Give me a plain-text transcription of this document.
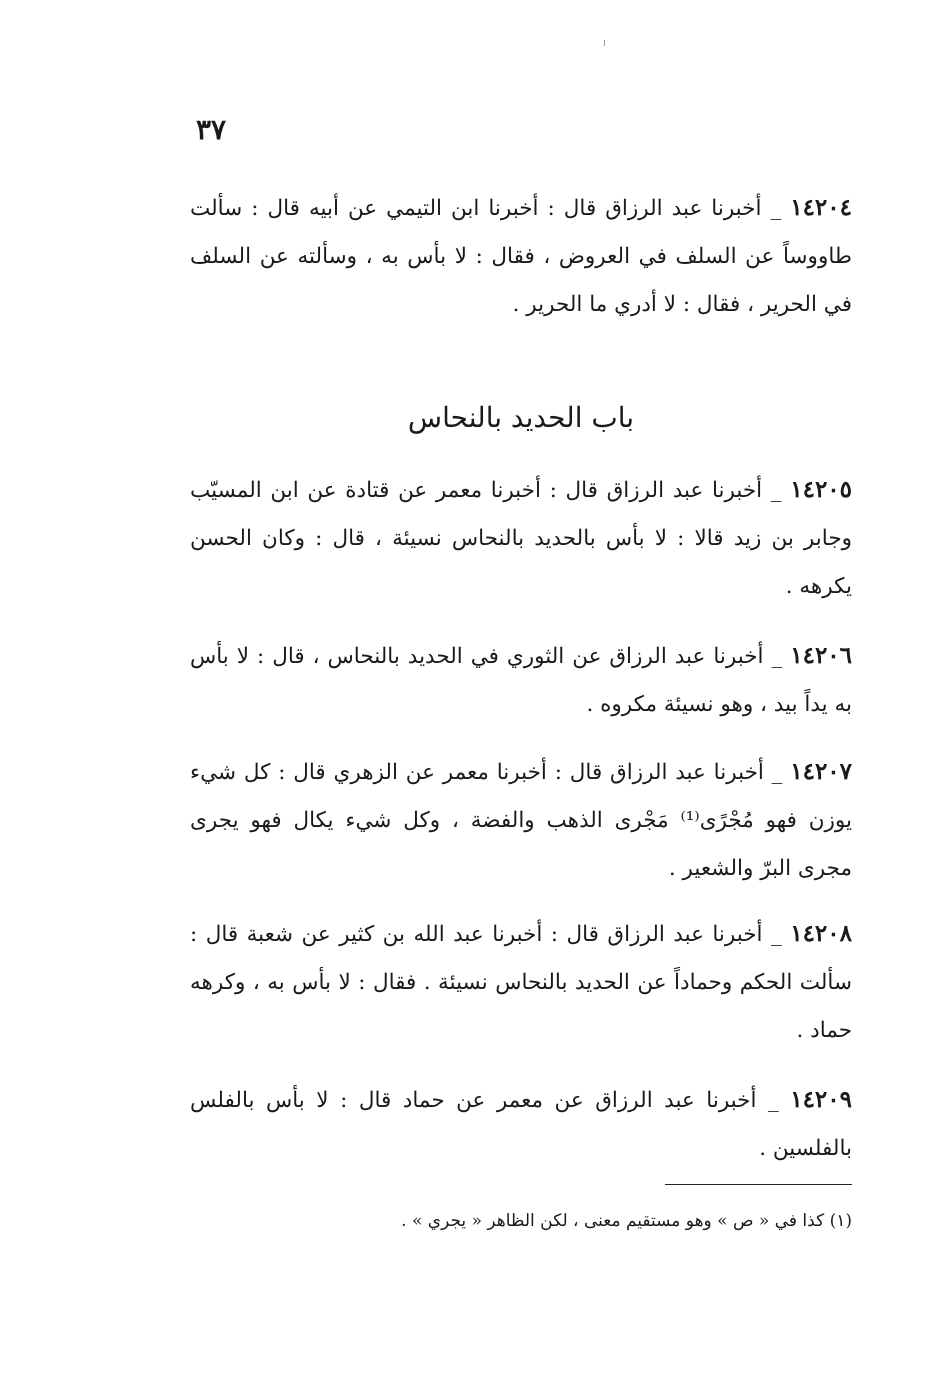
٣٧

١٤٢٠٤ _ أخبرنا عبد الرزاق قال : أخبرنا ابن التيمي عن أبيه قال : سألت طاووساً عن السلف في العروض ، فقال : لا بأس به ، وسألته عن السلف في الحرير ، فقال : لا أدري ما الحرير .

باب الحديد بالنحاس

١٤٢٠٥ _ أخبرنا عبد الرزاق قال : أخبرنا معمر عن قتادة عن ابن المسيّب وجابر بن زيد قالا : لا بأس بالحديد بالنحاس نسيئة ، قال : وكان الحسن يكرهه .

١٤٢٠٦ _ أخبرنا عبد الرزاق عن الثوري في الحديد بالنحاس ، قال : لا بأس به يداً بيد ، وهو نسيئة مكروه .

١٤٢٠٧ _ أخبرنا عبد الرزاق قال : أخبرنا معمر عن الزهري قال : كل شيء يوزن فهو مُجْرًى⁽¹⁾ مَجْرى الذهب والفضة ، وكل شيء يكال فهو يجرى مجرى البرّ والشعير .

١٤٢٠٨ _ أخبرنا عبد الرزاق قال : أخبرنا عبد الله بن كثير عن شعبة قال : سألت الحكم وحماداً عن الحديد بالنحاس نسيئة . فقال : لا بأس به ، وكرهه حماد .

١٤٢٠٩ _ أخبرنا عبد الرزاق عن معمر عن حماد قال : لا بأس بالفلس بالفلسين .

(١) كذا في « ص » وهو مستقيم معنى ، لكن الظاهر « يجري » .
